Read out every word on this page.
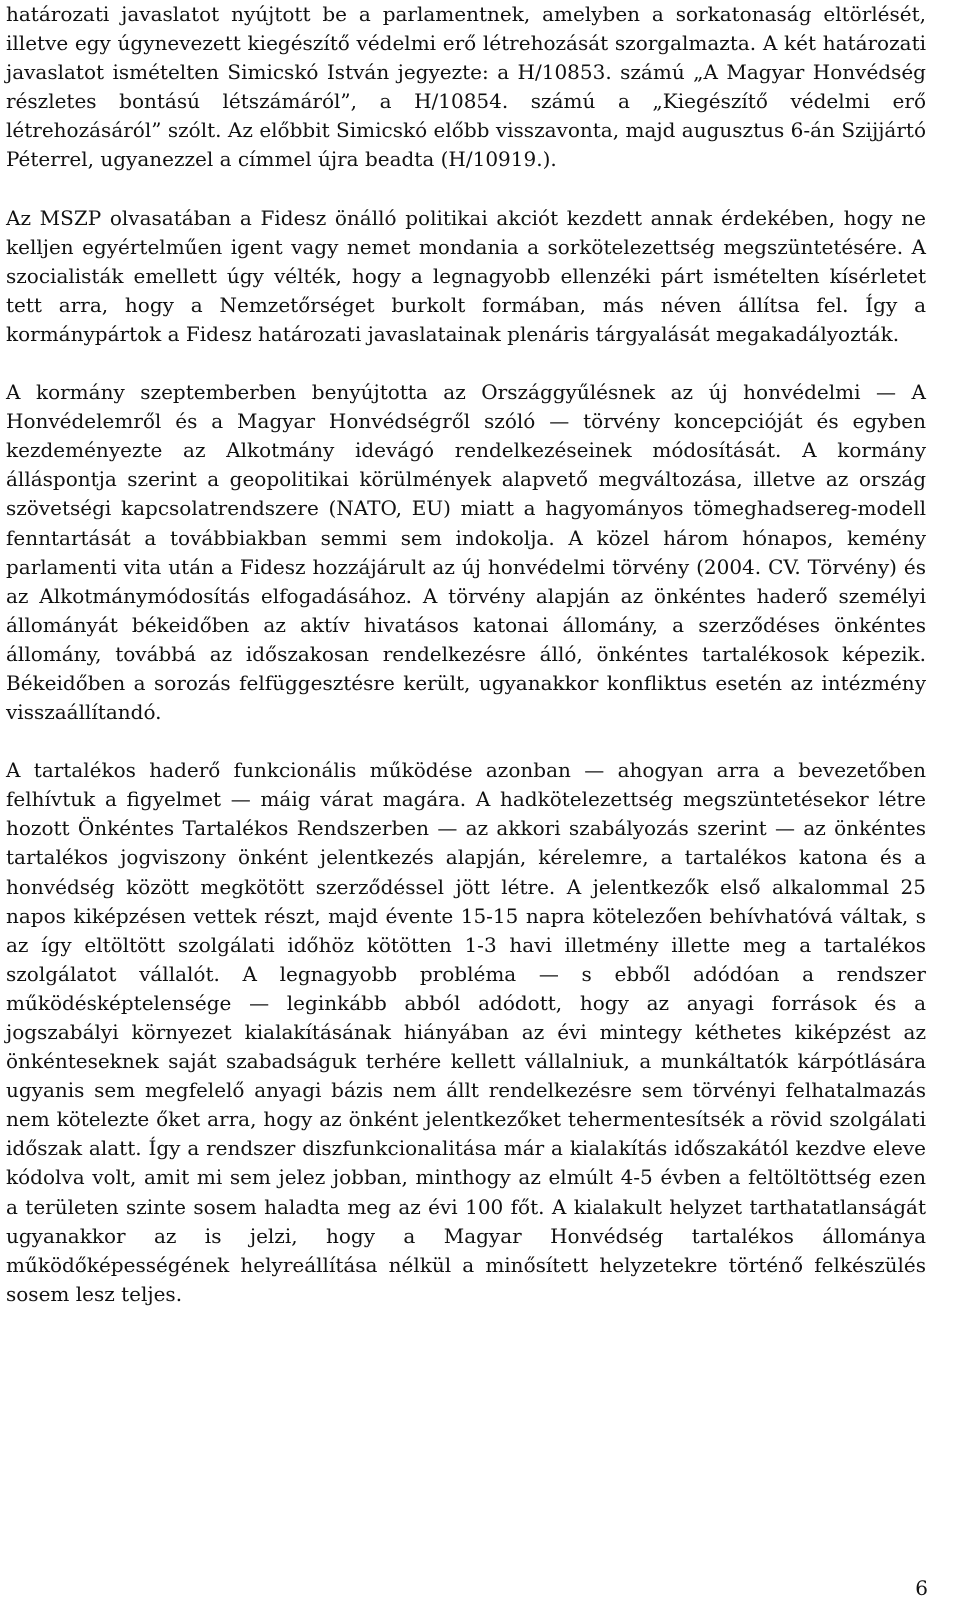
határozati javaslatot nyújtott be a parlamentnek, amelyben a sorkatonaság eltörlését, illetve egy úgynevezett kiegészítő védelmi erő létrehozását szorgalmazta. A két határozati javaslatot ismételten Simicskó István jegyezte: a H/10853. számú „A Magyar Honvédség részletes bontású létszámáról”, a H/10854. számú a „Kiegészítő védelmi erő létrehozásáról” szólt. Az előbbit Simicskó előbb visszavonta, majd augusztus 6-án Szijjártó Péterrel, ugyanezzel a címmel újra beadta (H/10919.).

Az MSZP olvasatában a Fidesz önálló politikai akciót kezdett annak érdekében, hogy ne kelljen egyértelműen igent vagy nemet mondania a sorkötelezettség megszüntetésére. A szocialisták emellett úgy vélték, hogy a legnagyobb ellenzéki párt ismételten kísérletet tett arra, hogy a Nemzetőrséget burkolt formában, más néven állítsa fel. Így a kormánypártok a Fidesz határozati javaslatainak plenáris tárgyalását megakadályozták.

A kormány szeptemberben benyújtotta az Országgyűlésnek az új honvédelmi — A Honvédelemről és a Magyar Honvédségről szóló — törvény koncepcióját és egyben kezdeményezte az Alkotmány idevágó rendelkezéseinek módosítását. A kormány álláspontja szerint a geopolitikai körülmények alapvető megváltozása, illetve az ország szövetségi kapcsolatrendszere (NATO, EU) miatt a hagyományos tömeghadsereg-modell fenntartását a továbbiakban semmi sem indokolja. A közel három hónapos, kemény parlamenti vita után a Fidesz hozzájárult az új honvédelmi törvény (2004. CV. Törvény) és az Alkotmánymódosítás elfogadásához. A törvény alapján az önkéntes haderő személyi állományát békeidőben az aktív hivatásos katonai állomány, a szerződéses önkéntes állomány, továbbá az időszakosan rendelkezésre álló, önkéntes tartalékosok képezik. Békeidőben a sorozás felfüggesztésre került, ugyanakkor konfliktus esetén az intézmény visszaállítandó.

A tartalékos haderő funkcionális működése azonban — ahogyan arra a bevezetőben felhívtuk a figyelmet — máig várat magára. A hadkötelezettség megszüntetésekor létre hozott Önkéntes Tartalékos Rendszerben — az akkori szabályozás szerint — az önkéntes tartalékos jogviszony önként jelentkezés alapján, kérelemre, a tartalékos katona és a honvédség között megkötött szerződéssel jött létre. A jelentkezők első alkalommal 25 napos kiképzésen vettek részt, majd évente 15-15 napra kötelezően behívhatóvá váltak, s az így eltöltött szolgálati időhöz kötötten 1-3 havi illetmény illette meg a tartalékos szolgálatot vállalót. A legnagyobb probléma — s ebből adódóan a rendszer működésképtelensége — leginkább abból adódott, hogy az anyagi források és a jogszabályi környezet kialakításának hiányában az évi mintegy kéthetes kiképzést az önkénteseknek saját szabadságuk terhére kellett vállalniuk, a munkáltatók kárpótlására ugyanis sem megfelelő anyagi bázis nem állt rendelkezésre sem törvényi felhatalmazás nem kötelezte őket arra, hogy az önként jelentkezőket tehermentesítsék a rövid szolgálati időszak alatt. Így a rendszer diszfunkcionalitása már a kialakítás időszakától kezdve eleve kódolva volt, amit mi sem jelez jobban, minthogy az elmúlt 4-5 évben a feltöltöttség ezen a területen szinte sosem haladta meg az évi 100 főt. A kialakult helyzet tarthatatlanságát ugyanakkor az is jelzi, hogy a Magyar Honvédség tartalékos állománya működőképességének helyreállítása nélkül a minősített helyzetekre történő felkészülés sosem lesz teljes.

6
